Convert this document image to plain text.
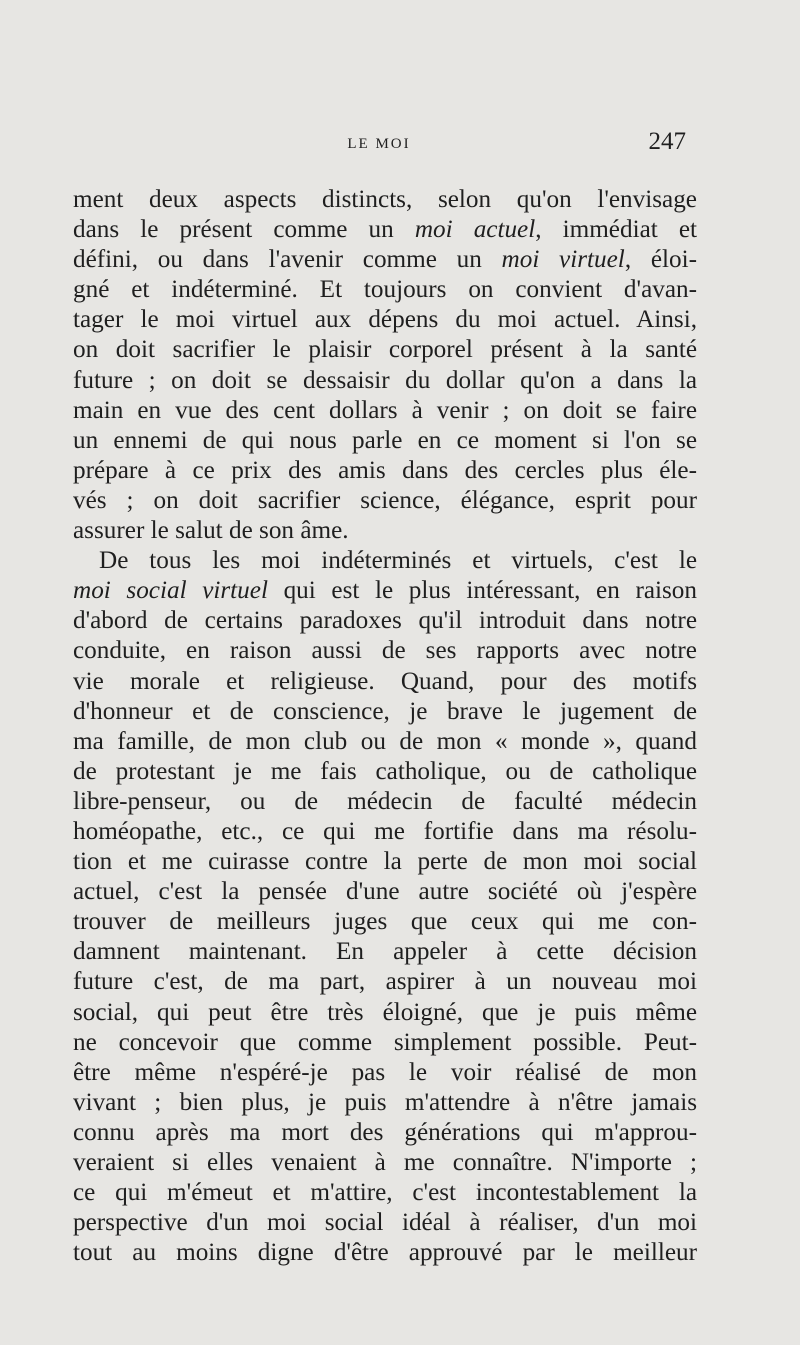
LE MOI	247
ment deux aspects distincts, selon qu'on l'envisage
dans le présent comme un moi actuel, immédiat et
défini, ou dans l'avenir comme un moi virtuel, éloi-
gné et indéterminé. Et toujours on convient d'avan-
tager le moi virtuel aux dépens du moi actuel. Ainsi,
on doit sacrifier le plaisir corporel présent à la santé
future ; on doit se dessaisir du dollar qu'on a dans la
main en vue des cent dollars à venir ; on doit se faire
un ennemi de qui nous parle en ce moment si l'on se
prépare à ce prix des amis dans des cercles plus éle-
vés ; on doit sacrifier science, élégance, esprit pour
assurer le salut de son âme.
De tous les moi indéterminés et virtuels, c'est le
moi social virtuel qui est le plus intéressant, en raison
d'abord de certains paradoxes qu'il introduit dans notre
conduite, en raison aussi de ses rapports avec notre
vie morale et religieuse. Quand, pour des motifs
d'honneur et de conscience, je brave le jugement de
ma famille, de mon club ou de mon « monde », quand
de protestant je me fais catholique, ou de catholique
libre-penseur, ou de médecin de faculté médecin
homéopathe, etc., ce qui me fortifie dans ma résolu-
tion et me cuirasse contre la perte de mon moi social
actuel, c'est la pensée d'une autre société où j'espère
trouver de meilleurs juges que ceux qui me con-
damnent maintenant. En appeler à cette décision
future c'est, de ma part, aspirer à un nouveau moi
social, qui peut être très éloigné, que je puis même
ne concevoir que comme simplement possible. Peut-
être même n'espéré-je pas le voir réalisé de mon
vivant ; bien plus, je puis m'attendre à n'être jamais
connu après ma mort des générations qui m'approu-
veraient si elles venaient à me connaître. N'importe ;
ce qui m'émeut et m'attire, c'est incontestablement la
perspective d'un moi social idéal à réaliser, d'un moi
tout au moins digne d'être approuvé par le meilleur
